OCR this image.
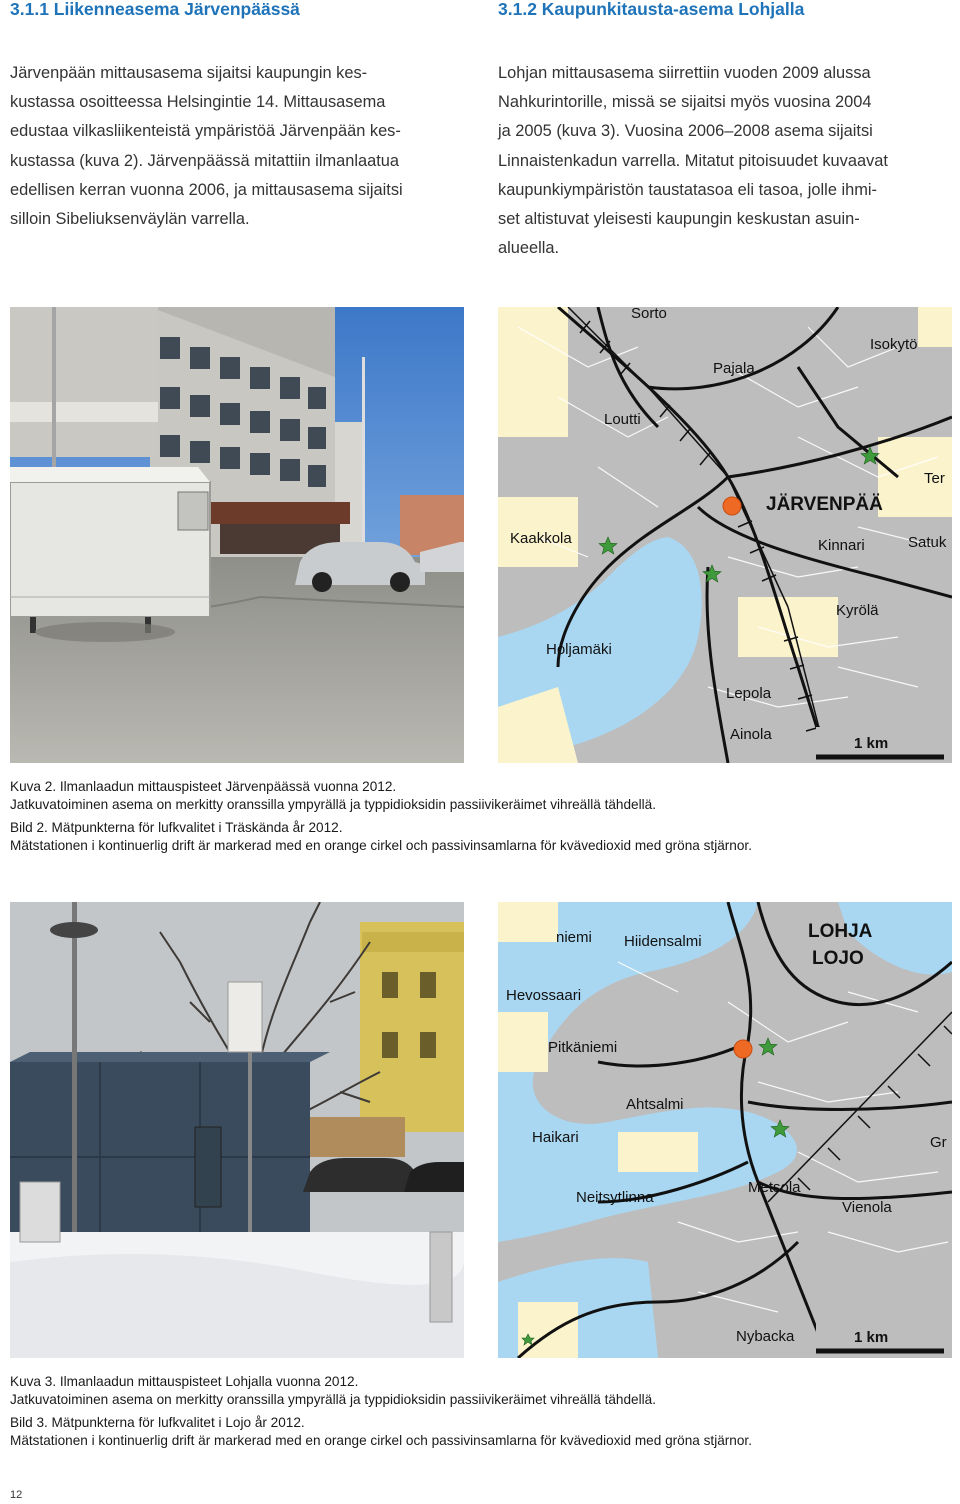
3.1.1 Liikenneasema Järvenpäässä	3.1.2 Kaupunkitausta-asema Lohjalla
Järvenpään mittausasema sijaitsi kaupungin kes-
kustassa osoitteessa Helsingintie 14. Mittausasema
edustaa vilkasliikenteistä ympäristöä Järvenpään kes-
kustassa (kuva 2). Järvenpäässä mitattiin ilmanlaatua
edellisen kerran vuonna 2006, ja mittausasema sijaitsi
silloin Sibeliuksenväylän varrella.
Lohjan mittausasema siirrettiin vuoden 2009 alussa
Nahkurintorille, missä se sijaitsi myös vuosina 2004
ja 2005 (kuva 3). Vuosina 2006–2008 asema sijaitsi
Linnaistenkadun varrella. Mitatut pitoisuudet kuvaavat
kaupunkiympäristön taustatasoa eli tasoa, jolle ihmi-
set altistuvat yleisesti kaupungin keskustan asuin-
alueella.
Sorto
Isokytö
Pajala
Loutti
Ter
JÄRVENPÄÄ
Kaakkola	Kinnari	Satuk
Kyrölä
Holjamäki
Lepola
Ainola
1 km
Kuva 2. Ilmanlaadun mittauspisteet Järvenpäässä vuonna 2012.
Jatkuvatoiminen asema on merkitty oranssilla ympyrällä ja typpidioksidin passiivikeräimet vihreällä tähdellä.
Bild 2. Mätpunkterna för lufkvalitet i Träskända år 2012.
Mätstationen i kontinuerlig drift är markerad med en orange cirkel och passivinsamlarna för kvävedioxid med gröna stjärnor.
niemi Hiidensalmi	LOHJA
LOJO
Hevossaari
Pitkäniemi
Ahtsalmi
Haikari	Gr
Neitsytlinna
Metsola
Vienola
Nybacka	1 km
Kuva 3. Ilmanlaadun mittauspisteet Lohjalla vuonna 2012.
Jatkuvatoiminen asema on merkitty oranssilla ympyrällä ja typpidioksidin passiivikeräimet vihreällä tähdellä.
Bild 3. Mätpunkterna för lufkvalitet i Lojo år 2012.
Mätstationen i kontinuerlig drift är markerad med en orange cirkel och passivinsamlarna för kvävedioxid med gröna stjärnor.
12
